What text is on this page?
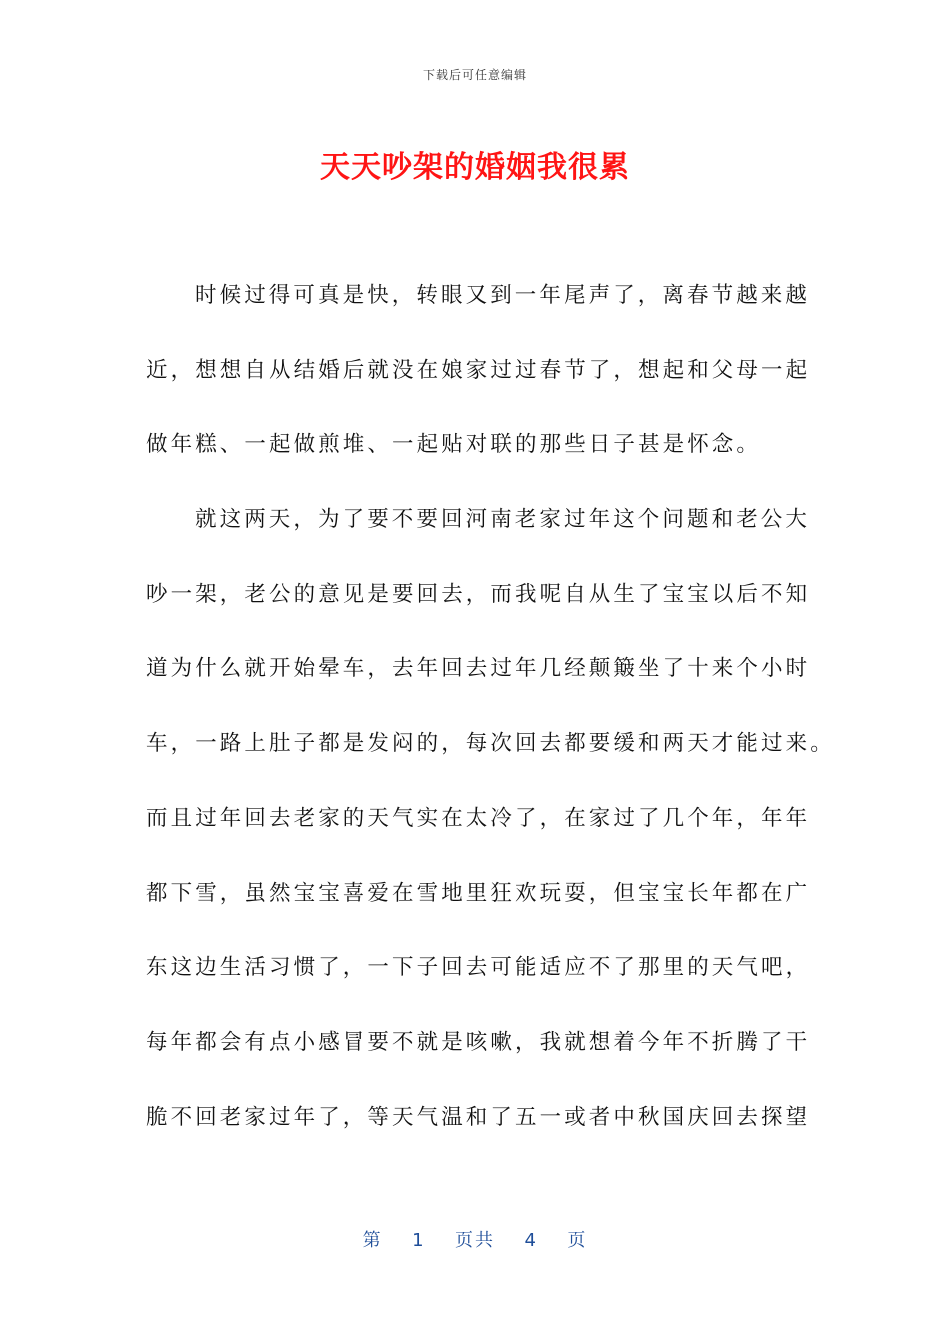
下载后可任意编辑
天天吵架的婚姻我很累
时候过得可真是快，转眼又到一年尾声了，离春节越来越
近，想想自从结婚后就没在娘家过过春节了，想起和父母一起
做年糕、一起做煎堆、一起贴对联的那些日子甚是怀念。
就这两天，为了要不要回河南老家过年这个问题和老公大
吵一架，老公的意见是要回去，而我呢自从生了宝宝以后不知
道为什么就开始晕车，去年回去过年几经颠簸坐了十来个小时
车，一路上肚子都是发闷的，每次回去都要缓和两天才能过来。
而且过年回去老家的天气实在太冷了，在家过了几个年，年年
都下雪，虽然宝宝喜爱在雪地里狂欢玩耍，但宝宝长年都在广
东这边生活习惯了，一下子回去可能适应不了那里的天气吧，
每年都会有点小感冒要不就是咳嗽，我就想着今年不折腾了干
脆不回老家过年了，等天气温和了五一或者中秋国庆回去探望
第 1 页共 4 页
